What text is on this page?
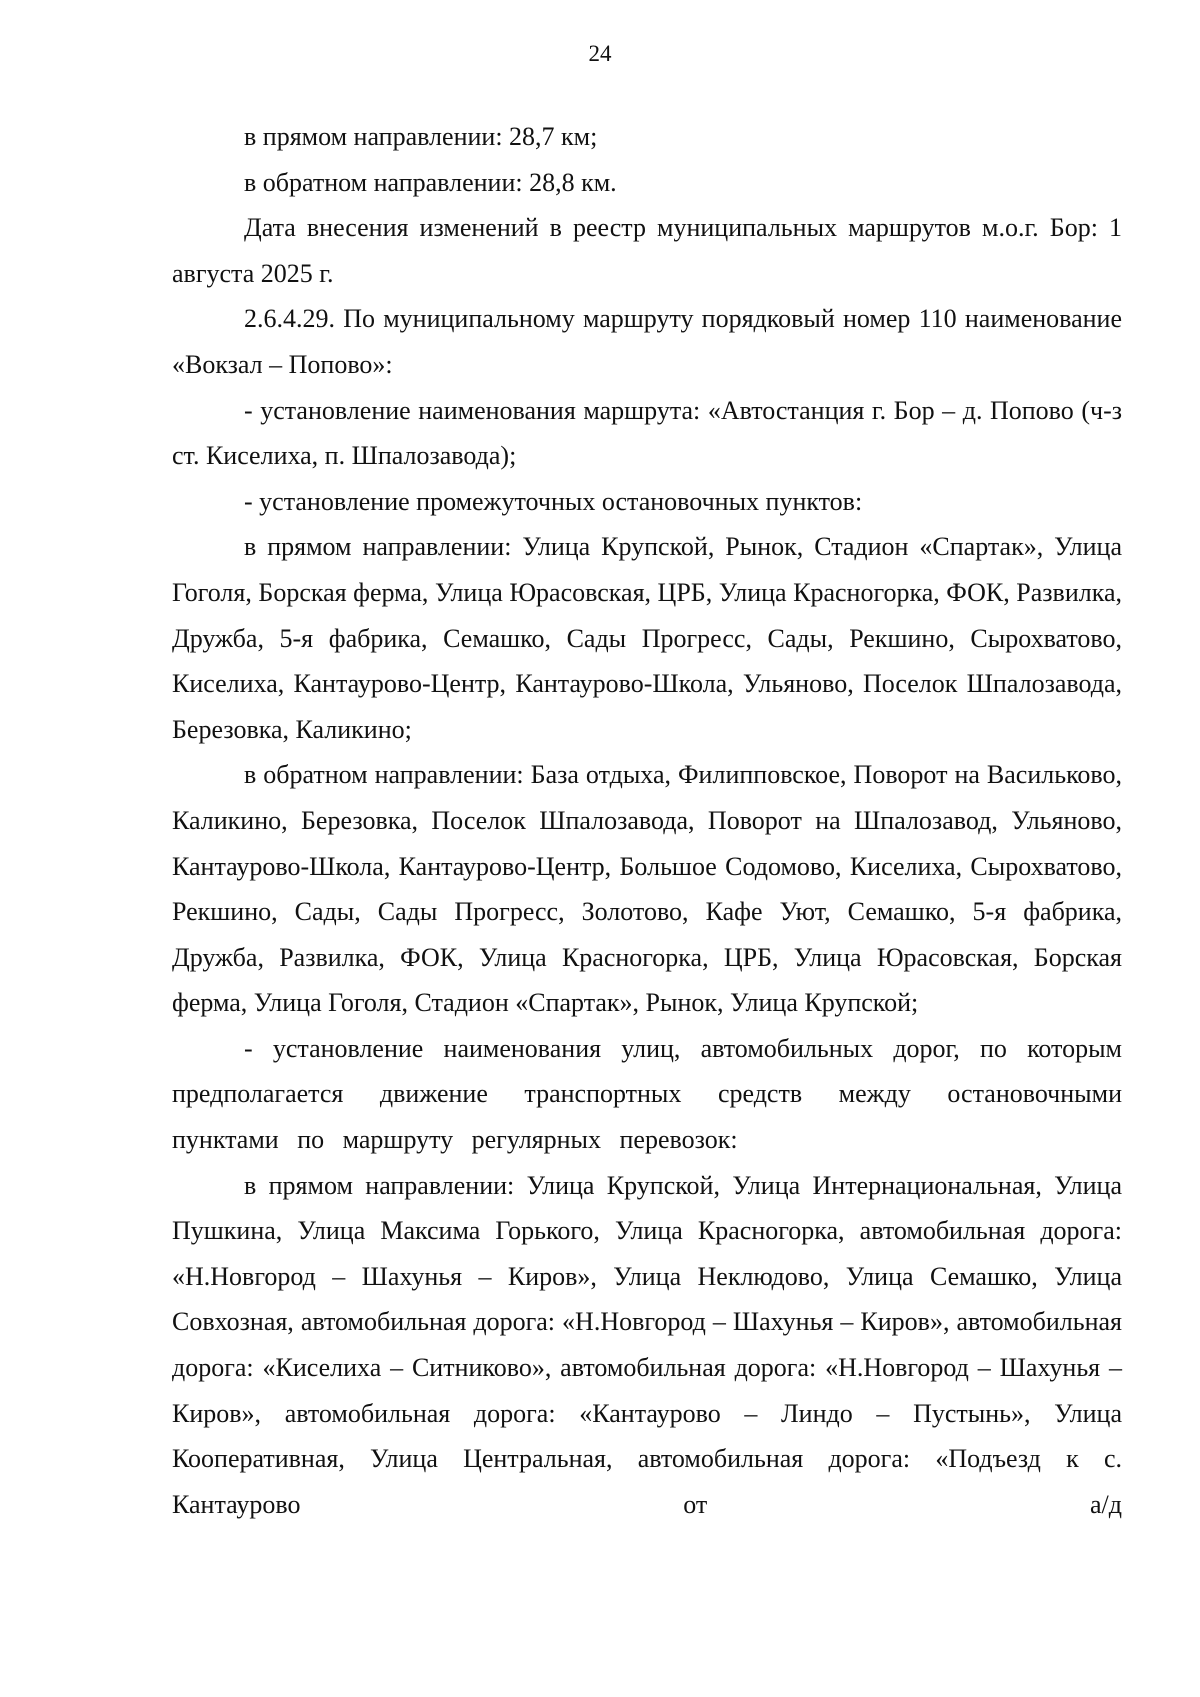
24

в прямом направлении: 28,7 км;

в обратном направлении: 28,8 км.

Дата внесения изменений в реестр муниципальных маршрутов м.о.г. Бор: 1 августа 2025 г.

2.6.4.29. По муниципальному маршруту порядковый номер 110 наименование «Вокзал – Попово»:

- установление наименования маршрута: «Автостанция г. Бор – д. Попово (ч-з ст. Киселиха, п. Шпалозавода);

- установление промежуточных остановочных пунктов:

в прямом направлении: Улица Крупской, Рынок, Стадион «Спартак», Улица Гоголя, Борская ферма, Улица Юрасовская, ЦРБ, Улица Красногорка, ФОК, Развилка, Дружба, 5-я фабрика, Семашко, Сады Прогресс, Сады, Рекшино, Сырохватово, Киселиха, Кантаурово-Центр, Кантаурово-Школа, Ульяново, Поселок Шпалозавода, Березовка, Каликино;

в обратном направлении: База отдыха, Филипповское, Поворот на Васильково, Каликино, Березовка, Поселок Шпалозавода, Поворот на Шпалозавод, Ульяново, Кантаурово-Школа, Кантаурово-Центр, Большое Содомово, Киселиха, Сырохватово, Рекшино, Сады, Сады Прогресс, Золотово, Кафе Уют, Семашко, 5-я фабрика, Дружба, Развилка, ФОК, Улица Красногорка, ЦРБ, Улица Юрасовская, Борская ферма, Улица Гоголя, Стадион «Спартак», Рынок, Улица Крупской;

- установление наименования улиц, автомобильных дорог, по которым предполагается движение транспортных средств между остановочными пунктами по маршруту регулярных перевозок:

в прямом направлении: Улица Крупской, Улица Интернациональная, Улица Пушкина, Улица Максима Горького, Улица Красногорка, автомобильная дорога: «Н.Новгород – Шахунья – Киров», Улица Неклюдово, Улица Семашко, Улица Совхозная, автомобильная дорога: «Н.Новгород – Шахунья – Киров», автомобильная дорога: «Киселиха – Ситниково», автомобильная дорога: «Н.Новгород – Шахунья – Киров», автомобильная дорога: «Кантаурово – Линдо – Пустынь», Улица Кооперативная, Улица Центральная, автомобильная дорога: «Подъезд к с. Кантаурово от а/д
